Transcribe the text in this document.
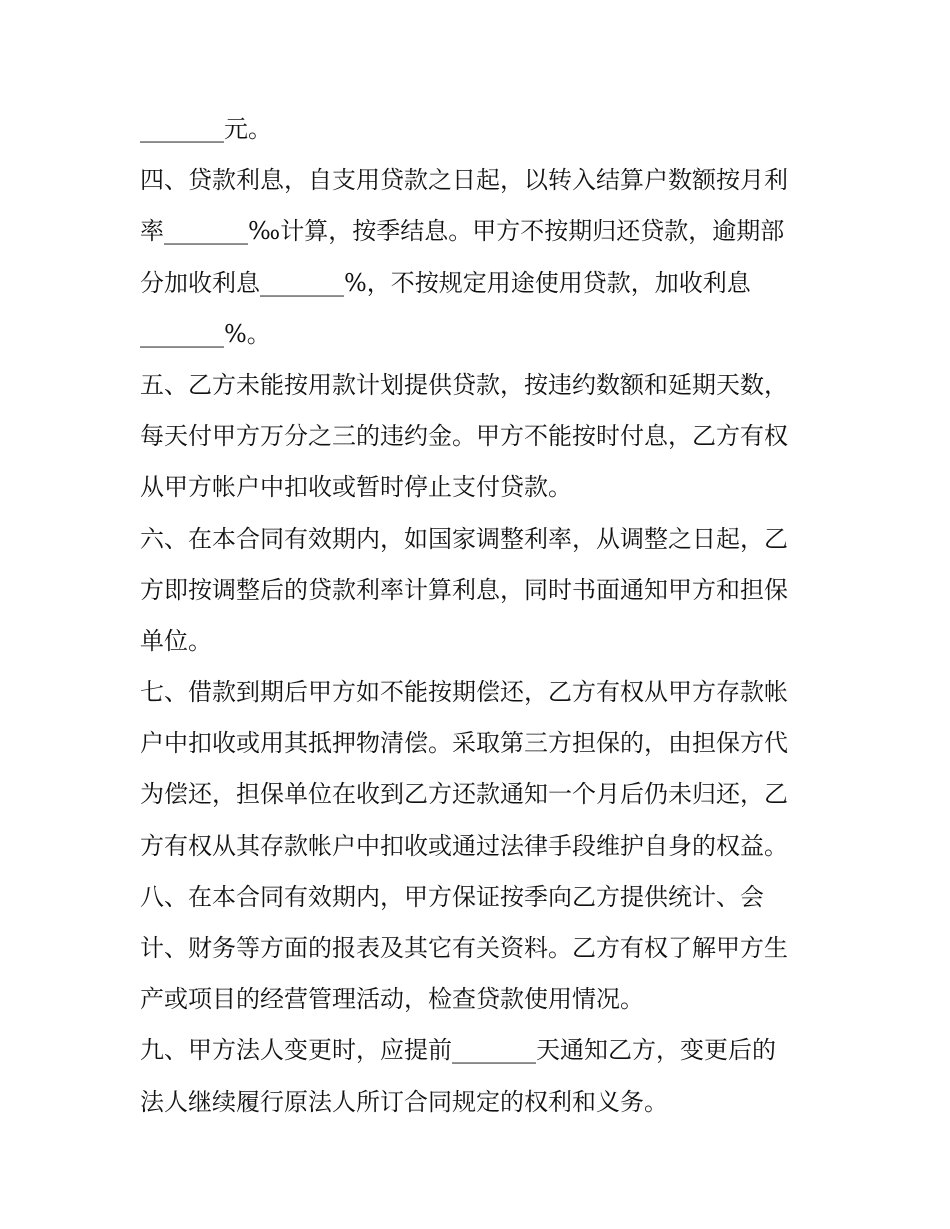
_______元。
四、贷款利息，自支用贷款之日起，以转入结算户数额按月利
率_______‰计算，按季结息。甲方不按期归还贷款，逾期部
分加收利息_______%，不按规定用途使用贷款，加收利息
_______%。
五、乙方未能按用款计划提供贷款，按违约数额和延期天数，
每天付甲方万分之三的违约金。甲方不能按时付息，乙方有权
从甲方帐户中扣收或暂时停止支付贷款。
六、在本合同有效期内，如国家调整利率，从调整之日起，乙
方即按调整后的贷款利率计算利息，同时书面通知甲方和担保
单位。
七、借款到期后甲方如不能按期偿还，乙方有权从甲方存款帐
户中扣收或用其抵押物清偿。采取第三方担保的，由担保方代
为偿还，担保单位在收到乙方还款通知一个月后仍未归还，乙
方有权从其存款帐户中扣收或通过法律手段维护自身的权益。
八、在本合同有效期内，甲方保证按季向乙方提供统计、会
计、财务等方面的报表及其它有关资料。乙方有权了解甲方生
产或项目的经营管理活动，检查贷款使用情况。
九、甲方法人变更时，应提前_______天通知乙方，变更后的
法人继续履行原法人所订合同规定的权利和义务。
